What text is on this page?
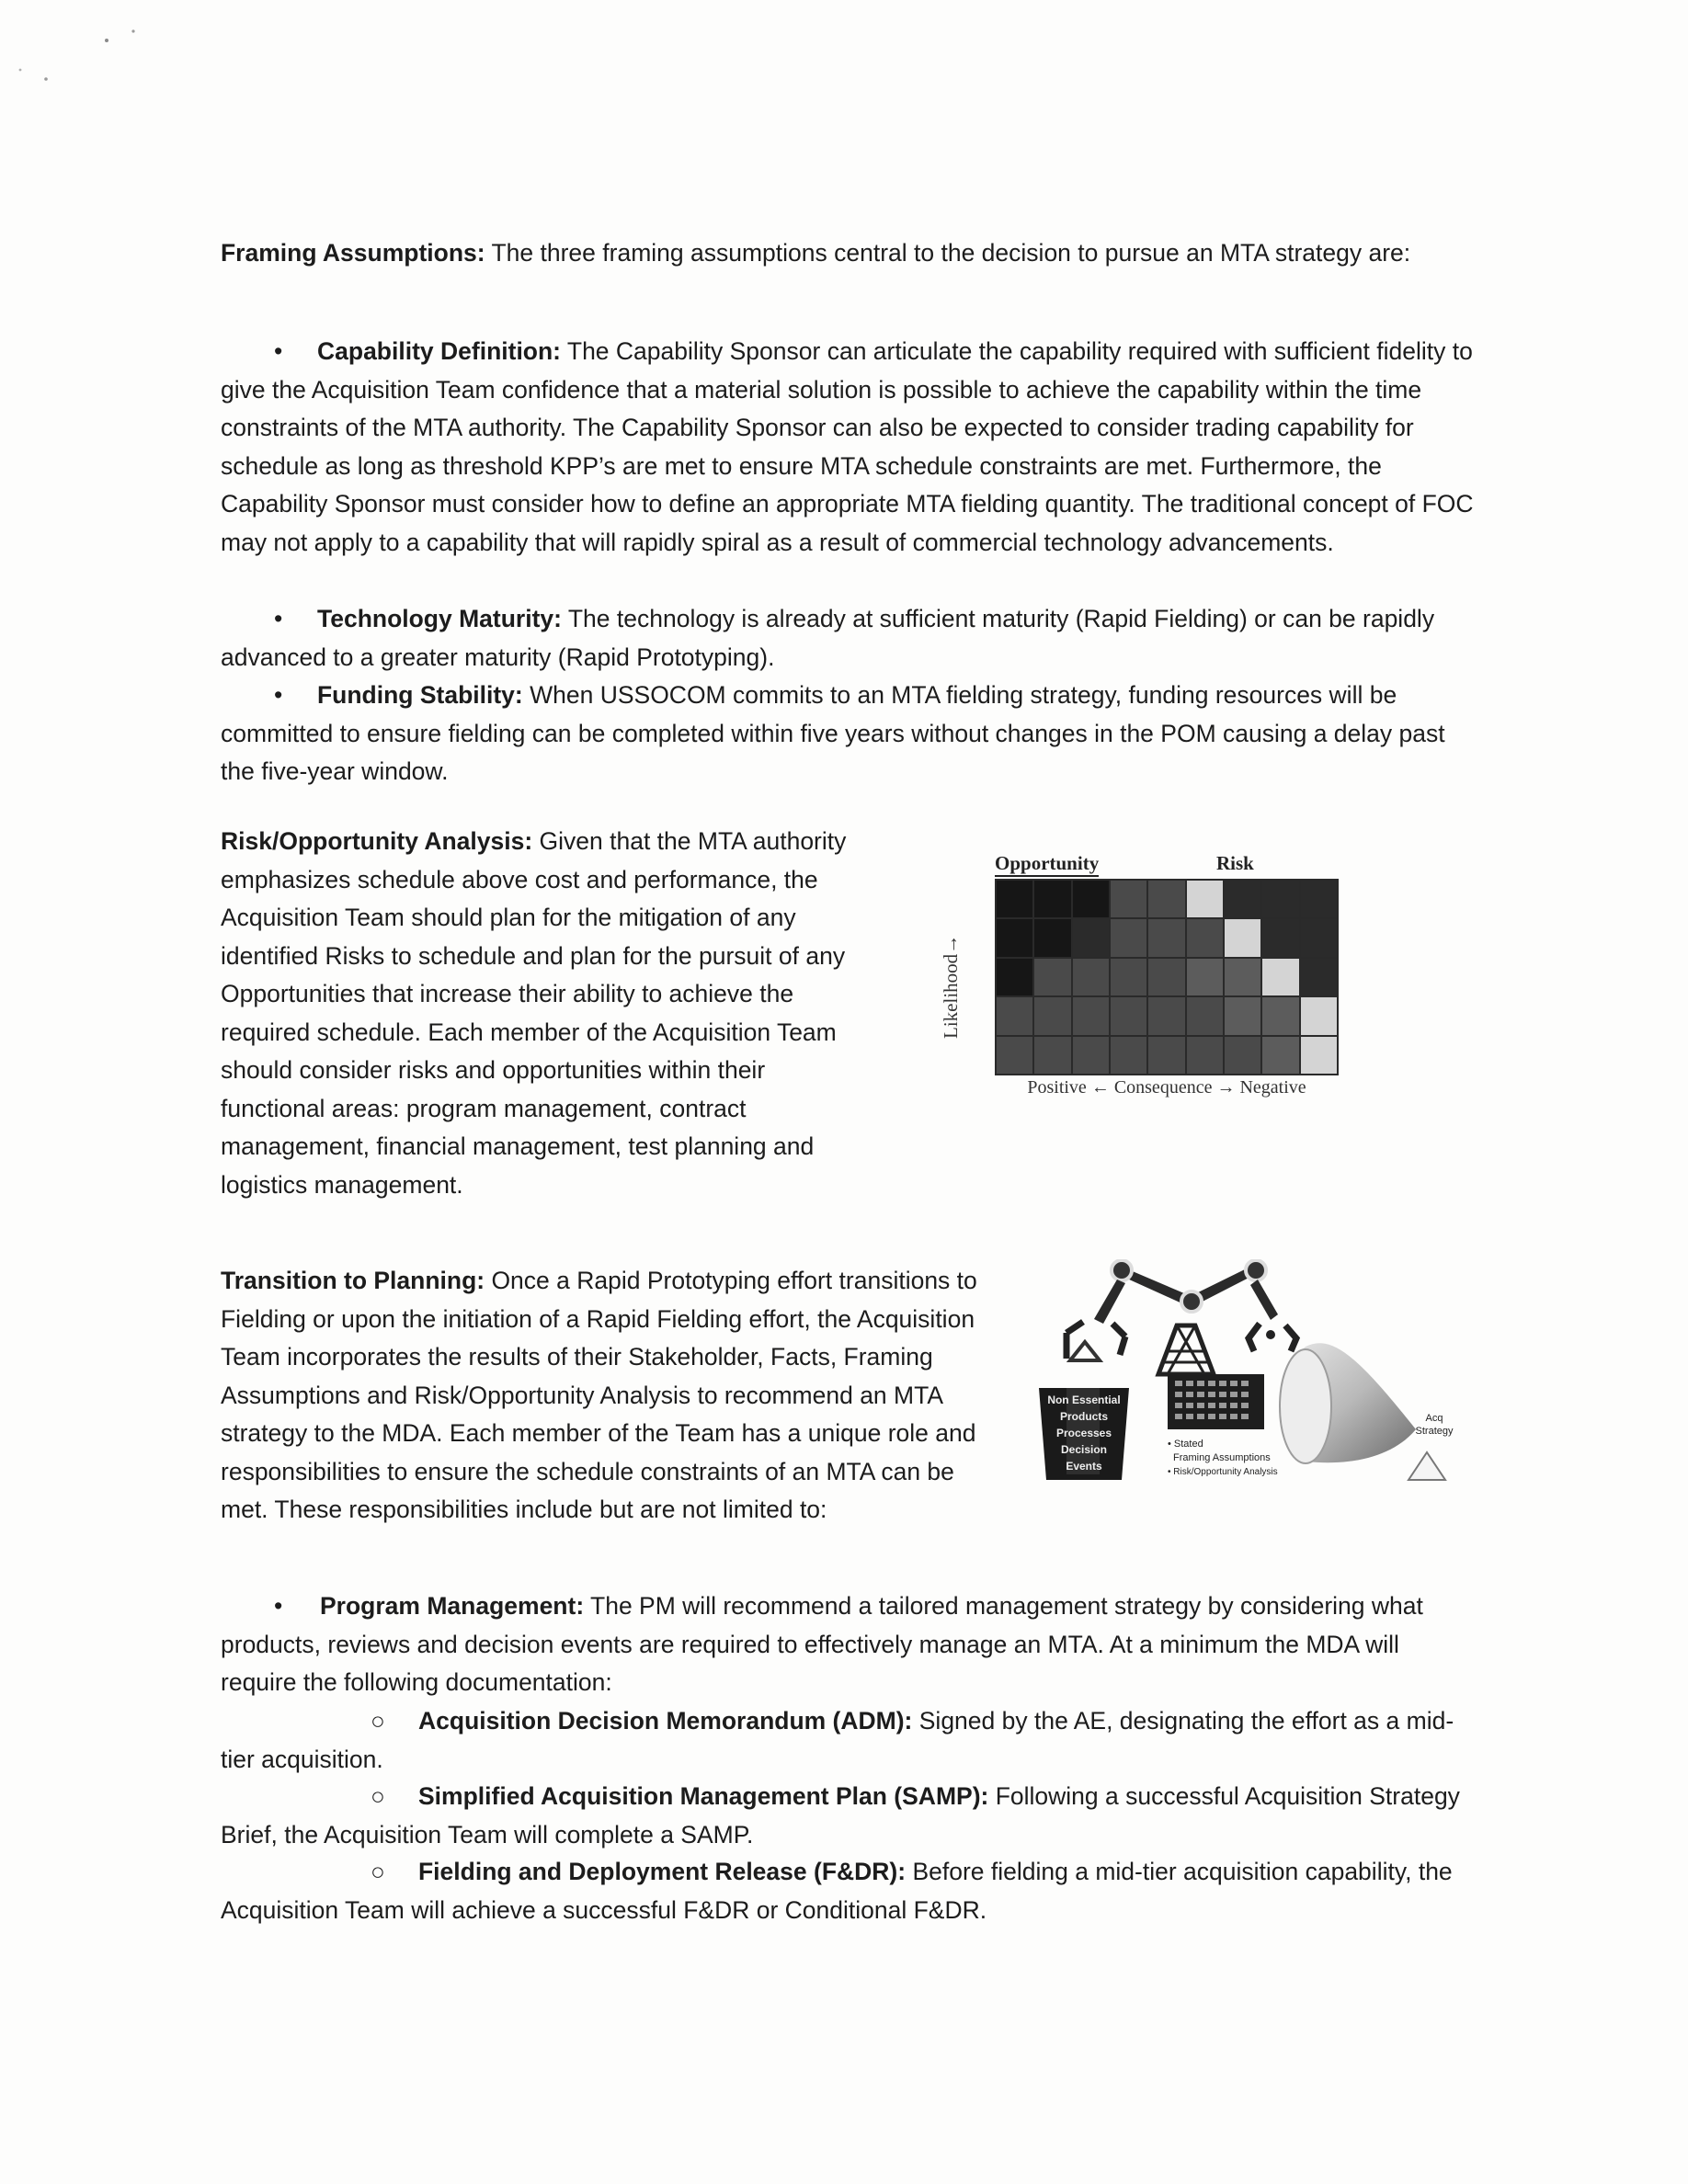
Framing Assumptions: The three framing assumptions central to the decision to pursue an MTA strategy are:

• Capability Definition: The Capability Sponsor can articulate the capability required with sufficient fidelity to give the Acquisition Team confidence that a material solution is possible to achieve the capability within the time constraints of the MTA authority. The Capability Sponsor can also be expected to consider trading capability for schedule as long as threshold KPP’s are met to ensure MTA schedule constraints are met. Furthermore, the Capability Sponsor must consider how to define an appropriate MTA fielding quantity. The traditional concept of FOC may not apply to a capability that will rapidly spiral as a result of commercial technology advancements.

• Technology Maturity: The technology is already at sufficient maturity (Rapid Fielding) or can be rapidly advanced to a greater maturity (Rapid Prototyping).

• Funding Stability: When USSOCOM commits to an MTA fielding strategy, funding resources will be committed to ensure fielding can be completed within five years without changes in the POM causing a delay past the five-year window.

Risk/Opportunity Analysis: Given that the MTA authority emphasizes schedule above cost and performance, the Acquisition Team should plan for the mitigation of any identified Risks to schedule and plan for the pursuit of any Opportunities that increase their ability to achieve the required schedule. Each member of the Acquisition Team should consider risks and opportunities within their functional areas: program management, contract management, financial management, test planning and logistics management.

Opportunity	Risk
Likelihood→
Positive ← Consequence → Negative

Transition to Planning: Once a Rapid Prototyping effort transitions to Fielding or upon the initiation of a Rapid Fielding effort, the Acquisition Team incorporates the results of their Stakeholder, Facts, Framing Assumptions and Risk/Opportunity Analysis to recommend an MTA strategy to the MDA. Each member of the Team has a unique role and responsibilities to ensure the schedule constraints of an MTA can be met. These responsibilities include but are not limited to:

Non Essential
Products
Processes
Decision
Events
• Stated
Framing Assumptions
• Risk/Opportunity Analysis
Acq
Strategy

• Program Management: The PM will recommend a tailored management strategy by considering what products, reviews and decision events are required to effectively manage an MTA. At a minimum the MDA will require the following documentation:

○ Acquisition Decision Memorandum (ADM): Signed by the AE, designating the effort as a mid-tier acquisition.

○ Simplified Acquisition Management Plan (SAMP): Following a successful Acquisition Strategy Brief, the Acquisition Team will complete a SAMP.

○ Fielding and Deployment Release (F&DR): Before fielding a mid-tier acquisition capability, the Acquisition Team will achieve a successful F&DR or Conditional F&DR.
